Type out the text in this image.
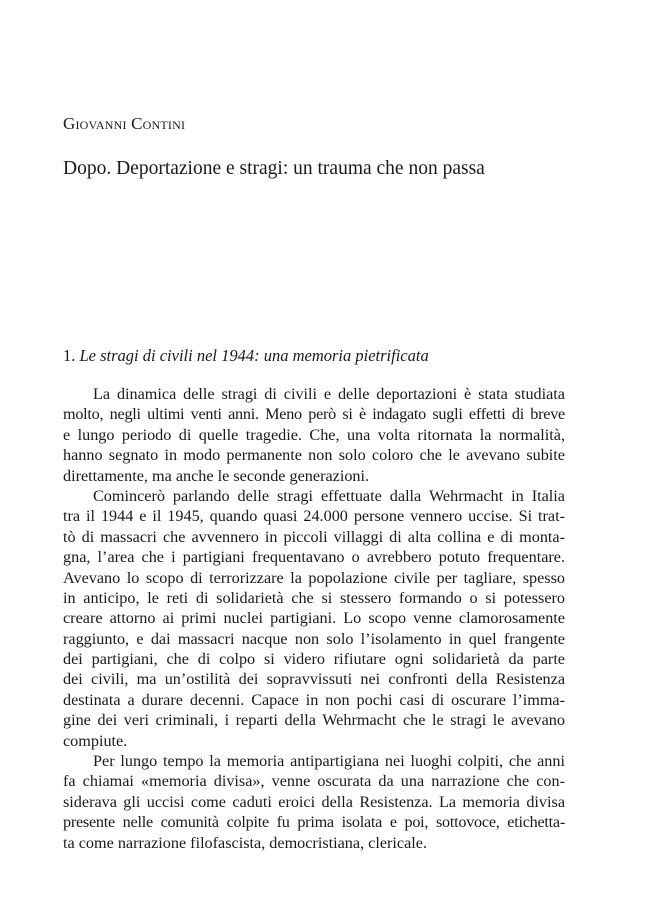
Giovanni Contini
Dopo. Deportazione e stragi: un trauma che non passa
1. Le stragi di civili nel 1944: una memoria pietrificata
La dinamica delle stragi di civili e delle deportazioni è stata studiata
molto, negli ultimi venti anni. Meno però si è indagato sugli effetti di breve
e lungo periodo di quelle tragedie. Che, una volta ritornata la normalità,
hanno segnato in modo permanente non solo coloro che le avevano subite
direttamente, ma anche le seconde generazioni.
Comincerò parlando delle stragi effettuate dalla Wehrmacht in Italia
tra il 1944 e il 1945, quando quasi 24.000 persone vennero uccise. Si trat-
tò di massacri che avvennero in piccoli villaggi di alta collina e di monta-
gna, l’area che i partigiani frequentavano o avrebbero potuto frequentare.
Avevano lo scopo di terrorizzare la popolazione civile per tagliare, spesso
in anticipo, le reti di solidarietà che si stessero formando o si potessero
creare attorno ai primi nuclei partigiani. Lo scopo venne clamorosamente
raggiunto, e dai massacri nacque non solo l’isolamento in quel frangente
dei partigiani, che di colpo si videro rifiutare ogni solidarietà da parte
dei civili, ma un’ostilità dei sopravvissuti nei confronti della Resistenza
destinata a durare decenni. Capace in non pochi casi di oscurare l’imma-
gine dei veri criminali, i reparti della Wehrmacht che le stragi le avevano
compiute.
Per lungo tempo la memoria antipartigiana nei luoghi colpiti, che anni
fa chiamai «memoria divisa», venne oscurata da una narrazione che con-
siderava gli uccisi come caduti eroici della Resistenza. La memoria divisa
presente nelle comunità colpite fu prima isolata e poi, sottovoce, etichetta-
ta come narrazione filofascista, democristiana, clericale.
